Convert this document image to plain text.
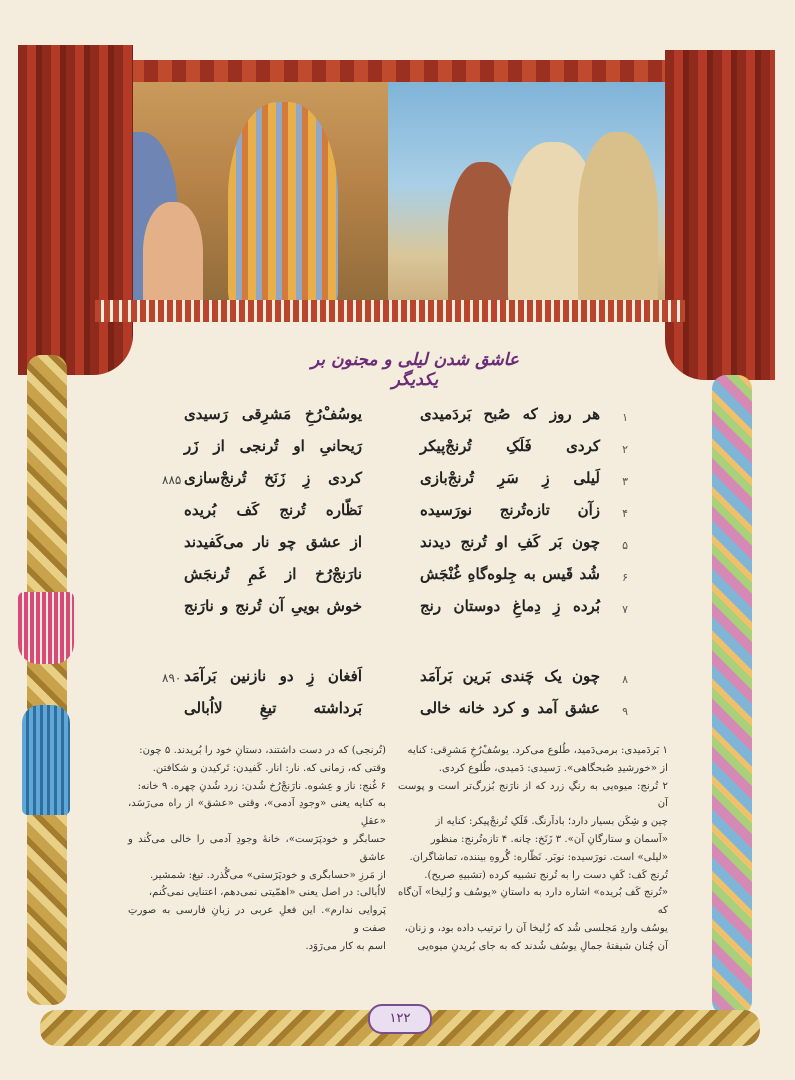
عاشق شدن لیلی و مجنون بر یکدیگر
۱
هر روز که صُبح بَردَمیدی
یوسُفْ‌رُخِ مَشرِقی رَسیدی
۲
کردی فَلَکِ تُرنجْ‌پیکر
رَیحانیِ او تُرنجی از زَر
۳
لَیلی زِ سَرِ تُرنجْ‌بازی
کردی زِ زَنَخ تُرنجْ‌سازی
۸۸۵
۴
زآن تازه‌تُرنج نورَسیده
نَظّاره تُرنج کَف بُریده
۵
چون بَر کَفِ او تُرنج دیدند
از عشق چو نار می‌کَفیدند
۶
شُد قَیس به جِلوه‌گاهِ غُنْجَش
نارَنجْ‌رُخ از غَمِ تُرنجَش
۷
بُرده زِ دِماغِ دوستان رنج
خوش بوییِ آن تُرنج و نارَنج
۸
چون یک چَندی بَرین بَرآمَد
اَفغان زِ دو نازنین بَرآمَد
۸۹۰
۹
عشق آمد و کرد خانه خالی
بَرداشته تیغِ لااُبالی

۱ بَردَمیدی: برمی‌دَمید، طُلوع می‌کرد. یوسُفْ‌رُخِ مَشرِقی: کنایه

از «خورشیدِ صُبحگاهی». رَسیدی: دَمیدی، طُلوع کردی.

۲ تُرنج: میوه‌یی به رنگِ زرد که از نارَنج بُزرگ‌تر است و پوست آن

چین و شِکَن بسیار دارد؛ باداَرنگ. فَلَکِ تُرنجْ‌پیکر: کنایه از

«آسمان و ستارگانِ آن». ۳ زَنَخ: چانه. ۴ تازه‌تُرنج: منظور

«لیلی» است. نورَسیده: نوبَر. نَظّاره: گُروهِ بیننده، تماشاگران.

تُرنج کَف: کَفِ دست را به تُرنج تشبیه کرده (تشبیهِ صریح).

«تُرنج کَف بُریده» اشاره دارد به داستانِ «یوسُف و زُلیخا» آن‌گاه که

یوسُف واردِ مَجلسی شُد که زُلیخا آن را ترتیب داده بود، و زنان،

آن چُنان شیفتهٔ جمالِ یوسُف شُدند که به جای بُریدنِ میوه‌یی

(تُرنجی) که در دست داشتند، دستانِ خود را بُریدند. ۵ چون:

وقتی که، زمانی که. نار: انار. کَفیدن: تَرکیدن و شکافتن.

۶ غُنج: ناز و عِشوه. نارَنجْ‌رُخ شُدن: زرد شُدنِ چهره. ۹ خانه:

به کنایه یعنی «وجودِ آدمی»، وقتی «عشق» از راه می‌رَسَد، «عقلِ

حسابگر و خودپَرَست»، خانهٔ وجودِ آدمی را خالی می‌کُند و عاشق

از مَرزِ «حسابگری و خودپَرَستی» می‌گُذرد. تیغ: شمشیر.

لااُبالی: در اصل یعنی «اهمّیتی نمی‌دهم، اعتنایی نمی‌کُنم،

پَروایی ندارم». این فعلِ عربی در زبانِ فارسی به صورتِ صفت و

اسم به کار می‌رَوَد.

۱۲۲
